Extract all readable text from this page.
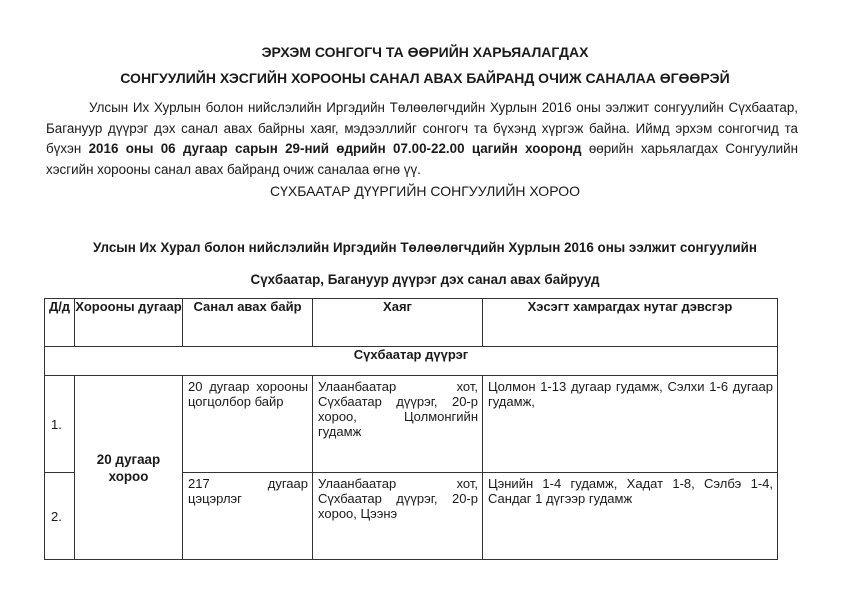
ЭРХЭМ СОНГОГЧ ТА ӨӨРИЙН ХАРЬЯАЛАГДАХ
СОНГУУЛИЙН ХЭСГИЙН ХОРООНЫ САНАЛ АВАХ БАЙРАНД ОЧИЖ САНАЛАА ӨГӨӨРЭЙ
Улсын Их Хурлын болон нийслэлийн Иргэдийн Төлөөлөгчдийн Хурлын 2016 оны ээлжит сонгуулийн Сүхбаатар, Багануур дүүрэг дэх санал авах байрны хаяг, мэдээллийг сонгогч та бүхэнд хүргэж байна. Иймд эрхэм сонгогчид та бүхэн 2016 оны 06 дугаар сарын 29-ний өдрийн 07.00-22.00 цагийн хооронд өөрийн харьялагдах Сонгуулийн хэсгийн хорооны санал авах байранд очиж саналаа өгнө үү.
СҮХБААТАР ДҮҮРГИЙН СОНГУУЛИЙН ХОРОО
Улсын Их Хурал болон нийслэлийн Иргэдийн Төлөөлөгчдийн Хурлын 2016 оны ээлжит сонгуулийн
Сүхбаатар, Багануур дүүрэг дэх санал авах байрууд
Д/д	Хорооны дугаар	Санал авах байр	Хаяг	Хэсэгт хамрагдах нутаг дэвсгэр
Сүхбаатар дүүрэг				
1.	20 дугаар хороо	20 дугаар хорооны цогцолбор байр	Улаанбаатар хот, Сүхбаатар дүүрэг, 20-р хороо, Цолмонгийн гудамж	Цолмон 1-13 дугаар гудамж, Сэлхи 1-6 дугаар гудамж,
2.		217 дугаар цэцэрлэг	Улаанбаатар хот, Сүхбаатар дүүрэг, 20-р хороо, Цээнэ	Цэнийн 1-4 гудамж, Хадат 1-8, Сэлбэ 1-4, Сандаг 1 дүгээр гудамж
